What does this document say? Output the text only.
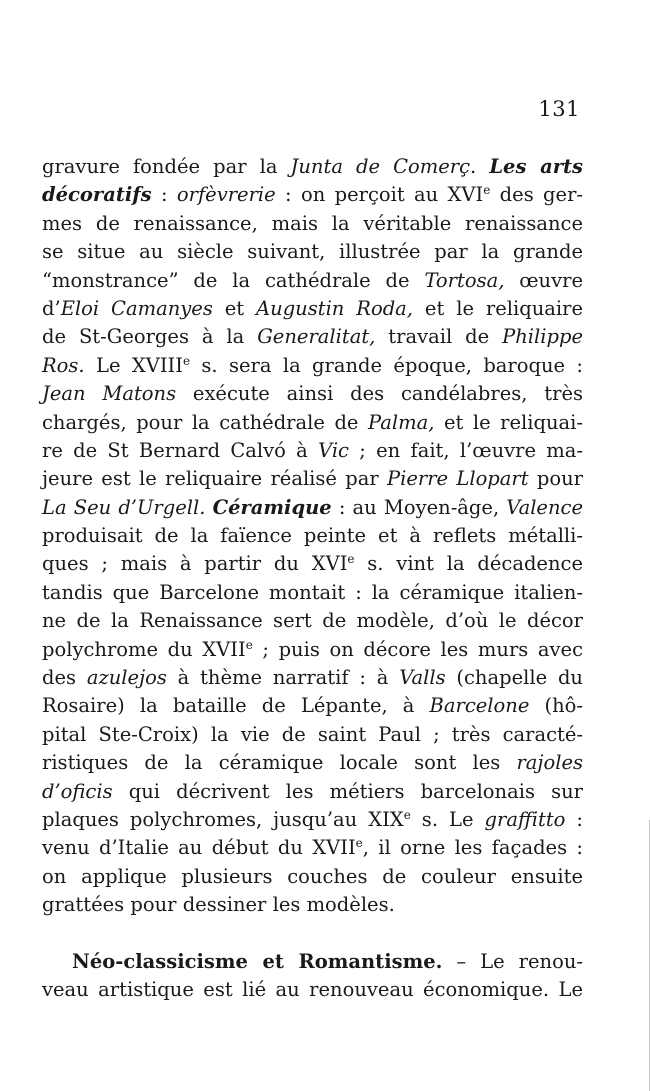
131
gravure fondée par la Junta de Comerç. Les arts
décoratifs : orfèvrerie : on perçoit au XVIe des ger-
mes de renaissance, mais la véritable renaissance
se situe au siècle suivant, illustrée par la grande
“monstrance” de la cathédrale de Tortosa, œuvre
d’Eloi Camanyes et Augustin Roda, et le reliquaire
de St-Georges à la Generalitat, travail de Philippe
Ros. Le XVIIIe s. sera la grande époque, baroque :
Jean Matons exécute ainsi des candélabres, très
chargés, pour la cathédrale de Palma, et le reliquai-
re de St Bernard Calvó à Vic ; en fait, l’œuvre ma-
jeure est le reliquaire réalisé par Pierre Llopart pour
La Seu d’Urgell. Céramique : au Moyen-âge, Valence
produisait de la faïence peinte et à reflets métalli-
ques ; mais à partir du XVIe s. vint la décadence
tandis que Barcelone montait : la céramique italien-
ne de la Renaissance sert de modèle, d’où le décor
polychrome du XVIIe ; puis on décore les murs avec
des azulejos à thème narratif : à Valls (chapelle du
Rosaire) la bataille de Lépante, à Barcelone (hô-
pital Ste-Croix) la vie de saint Paul ; très caracté-
ristiques de la céramique locale sont les rajoles
d’oficis qui décrivent les métiers barcelonais sur
plaques polychromes, jusqu’au XIXe s. Le graffitto :
venu d’Italie au début du XVIIe, il orne les façades :
on applique plusieurs couches de couleur ensuite
grattées pour dessiner les modèles.
Néo-classicisme et Romantisme. – Le renou-
veau artistique est lié au renouveau économique. Le
